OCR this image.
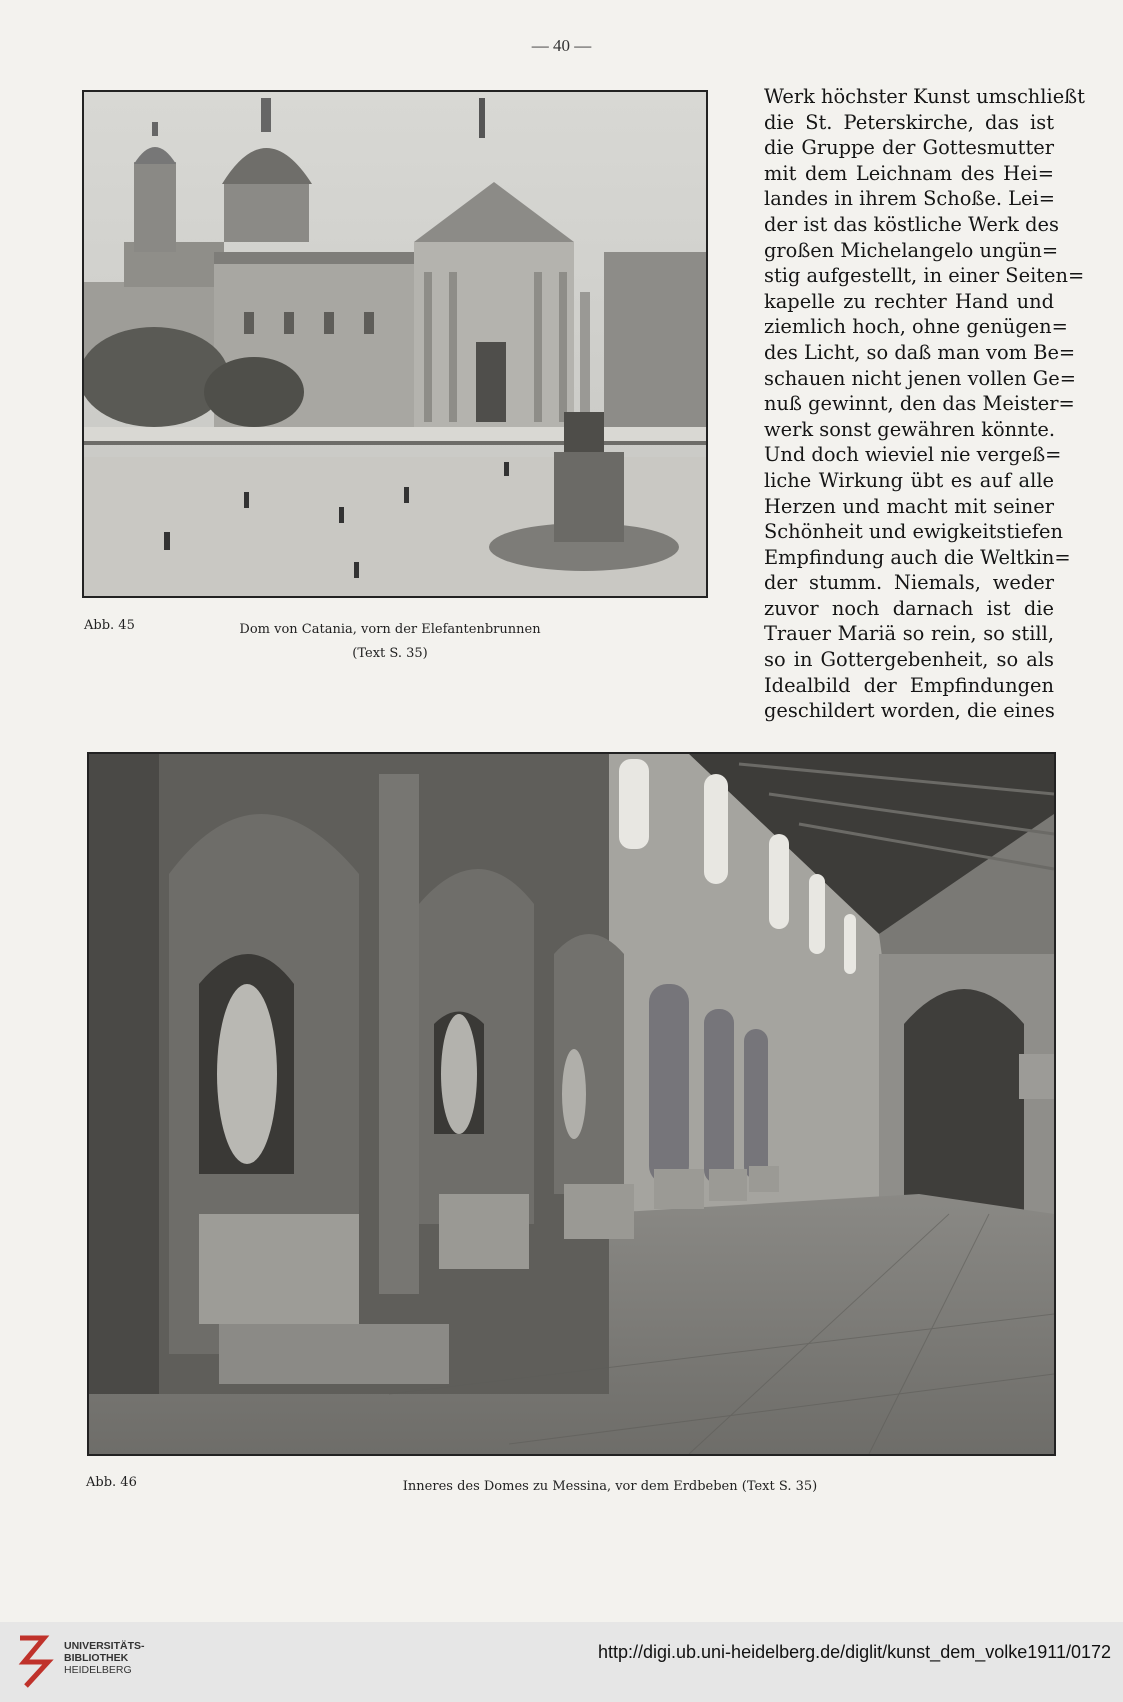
— 40 —
Abb. 45	Dom von Catania, vorn der Elefantenbrunnen
(Text S. 35)
Werk höchster Kunst umschließt
die St. Peterskirche, das ist
die Gruppe der Gottesmutter
mit dem Leichnam des Hei=
landes in ihrem Schoße. Lei=
der ist das köstliche Werk des
großen Michelangelo ungün=
stig aufgestellt, in einer Seiten=
kapelle zu rechter Hand und
ziemlich hoch, ohne genügen=
des Licht, so daß man vom Be=
schauen nicht jenen vollen Ge=
nuß gewinnt, den das Meister=
werk sonst gewähren könnte.
Und doch wieviel nie vergeß=
liche Wirkung übt es auf alle
Herzen und macht mit seiner
Schönheit und ewigkeitstiefen
Empfindung auch die Weltkin=
der stumm. Niemals, weder
zuvor noch darnach ist die
Trauer Mariä so rein, so still,
so in Gottergebenheit, so als
Idealbild der Empfindungen
geschildert worden, die eines
Abb. 46	Inneres des Domes zu Messina, vor dem Erdbeben (Text S. 35)
UNIVERSITÄTS-
BIBLIOTHEK
HEIDELBERG
http://digi.ub.uni-heidelberg.de/diglit/kunst_dem_volke1911/0172
